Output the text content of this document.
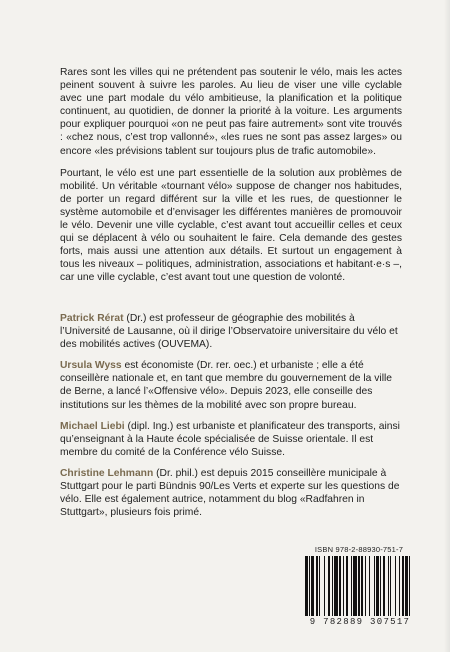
Rares sont les villes qui ne prétendent pas soutenir le vélo, mais les actes peinent souvent à suivre les paroles. Au lieu de viser une ville cyclable avec une part modale du vélo ambitieuse, la planification et la politique continuent, au quotidien, de donner la priorité à la voiture. Les arguments pour expliquer pourquoi «on ne peut pas faire autrement» sont vite trouvés : «chez nous, c’est trop vallonné», «les rues ne sont pas assez larges» ou encore «les prévisions tablent sur toujours plus de trafic automobile».

Pourtant, le vélo est une part essentielle de la solution aux problèmes de mobilité. Un véritable «tournant vélo» suppose de changer nos habitudes, de porter un regard différent sur la ville et les rues, de questionner le système automobile et d’envisager les différentes manières de promouvoir le vélo. Devenir une ville cyclable, c’est avant tout accueillir celles et ceux qui se déplacent à vélo ou souhaitent le faire. Cela demande des gestes forts, mais aussi une attention aux détails. Et surtout un engagement à tous les niveaux – politiques, administration, associations et habitant·e·s –, car une ville cyclable, c’est avant tout une question de volonté.

Patrick Rérat (Dr.) est professeur de géographie des mobilités à l’Université de Lausanne, où il dirige l’Observatoire universitaire du vélo et des mobilités actives (OUVEMA).

Ursula Wyss est économiste (Dr. rer. oec.) et urbaniste ; elle a été conseillère nationale et, en tant que membre du gouvernement de la ville de Berne, a lancé l’«Offensive vélo». Depuis 2023, elle conseille des institutions sur les thèmes de la mobilité avec son propre bureau.

Michael Liebi (dipl. Ing.) est urbaniste et planificateur des transports, ainsi qu’enseignant à la Haute école spécialisée de Suisse orientale. Il est membre du comité de la Conférence vélo Suisse.

Christine Lehmann (Dr. phil.) est depuis 2015 conseillère municipale à Stuttgart pour le parti Bündnis 90/Les Verts et experte sur les questions de vélo. Elle est également autrice, notamment du blog «Radfahren in Stuttgart», plusieurs fois primé.

ISBN 978-2-88930-751-7
9 782889 307517
